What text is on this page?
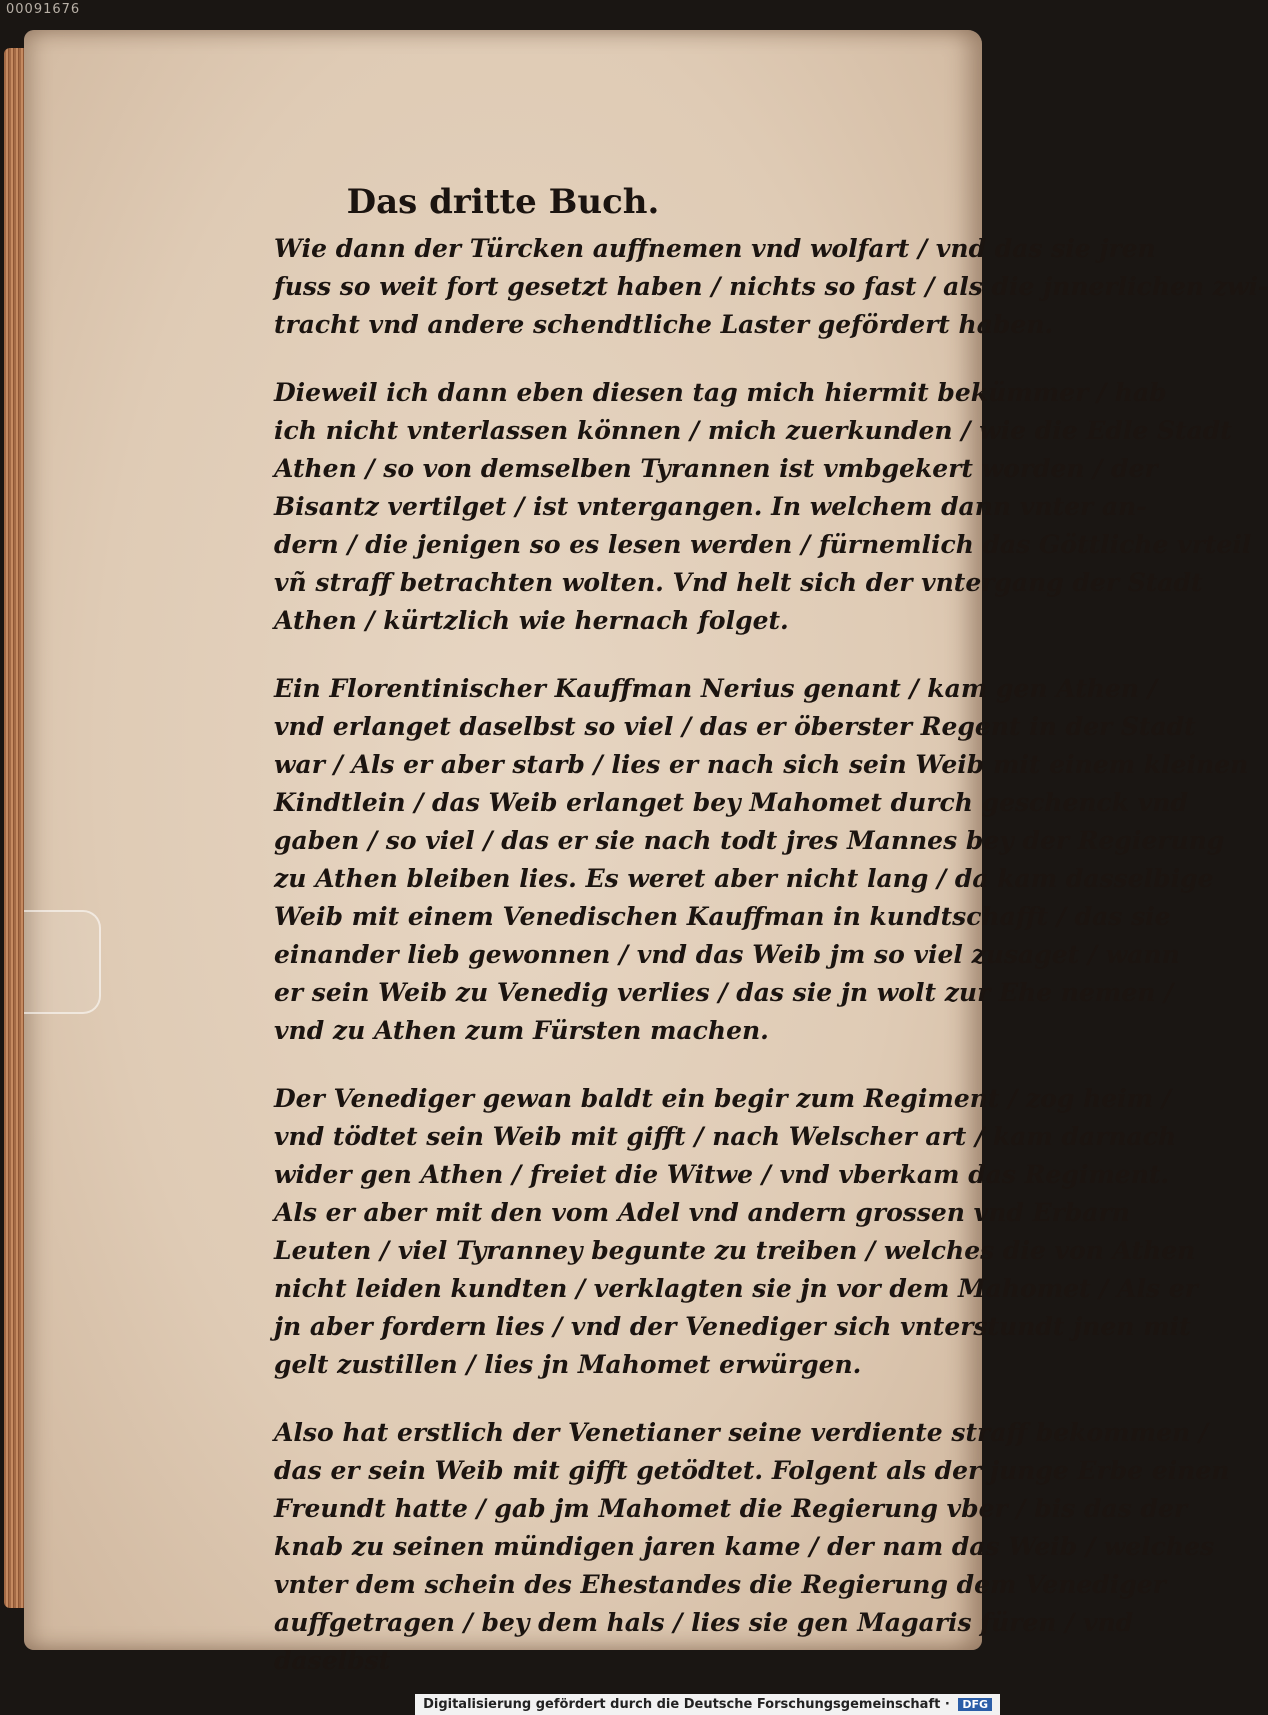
00091676
Das dritte Buch.
Wie dann der Türcken auffnemen vnd wolfart / vnd das sie jren
fuss so weit fort gesetzt haben / nichts so fast / als die jnnerlichen zwi-
tracht vnd andere schendtliche Laster gefördert haben.
Dieweil ich dann eben diesen tag mich hiermit bekümmer / hab
ich nicht vnterlassen können / mich zuerkunden / wie die Edle Stadt
Athen / so von demselben Tyrannen ist vmbgekert worden / der
Bisantz vertilget / ist vntergangen. In welchem dann vnter an-
dern / die jenigen so es lesen werden / fürnemlich das Göttliche vrteil
vñ straff betrachten wolten. Vnd helt sich der vntergang der Stadt
Athen / kürtzlich wie hernach folget.
Ein Florentinischer Kauffman Nerius genant / kam gen Athen /
vnd erlanget daselbst so viel / das er öberster Regent in der Stadt
war / Als er aber starb / lies er nach sich sein Weib mit einem kleinen
Kindtlein / das Weib erlanget bey Mahomet durch geschenck vnd
gaben / so viel / das er sie nach todt jres Mannes bey der Regierung
zu Athen bleiben lies. Es weret aber nicht lang / da kam dasselbige
Weib mit einem Venedischen Kauffman in kundtschafft / das sie
einander lieb gewonnen / vnd das Weib jm so viel zusaget / wann
er sein Weib zu Venedig verlies / das sie jn wolt zur Ehe nemen /
vnd zu Athen zum Fürsten machen.
Der Venediger gewan baldt ein begir zum Regiment / zog heim /
vnd tödtet sein Weib mit gifft / nach Welscher art / kam darnach
wider gen Athen / freiet die Witwe / vnd vberkam das Regiment.
Als er aber mit den vom Adel vnd andern grossen vnd Erbarn
Leuten / viel Tyranney begunte zu treiben / welches die von Athen
nicht leiden kundten / verklagten sie jn vor dem Mahomet / Als er
jn aber fordern lies / vnd der Venediger sich vnterstundt jnen mit
gelt zustillen / lies jn Mahomet erwürgen.
Also hat erstlich der Venetianer seine verdiente straff bekommen /
das er sein Weib mit gifft getödtet. Folgent als der junge Erbe einen
Freundt hatte / gab jm Mahomet die Regierung vber / bis das der
knab zu seinen mündigen jaren kame / der nam das Weib / welches
vnter dem schein des Ehestandes die Regierung dem Venediger
auffgetragen / bey dem hals / lies sie gen Magaris füren / vnd
daselbst
Digitalisierung gefördert durch die Deutsche Forschungsgemeinschaft · DFG
